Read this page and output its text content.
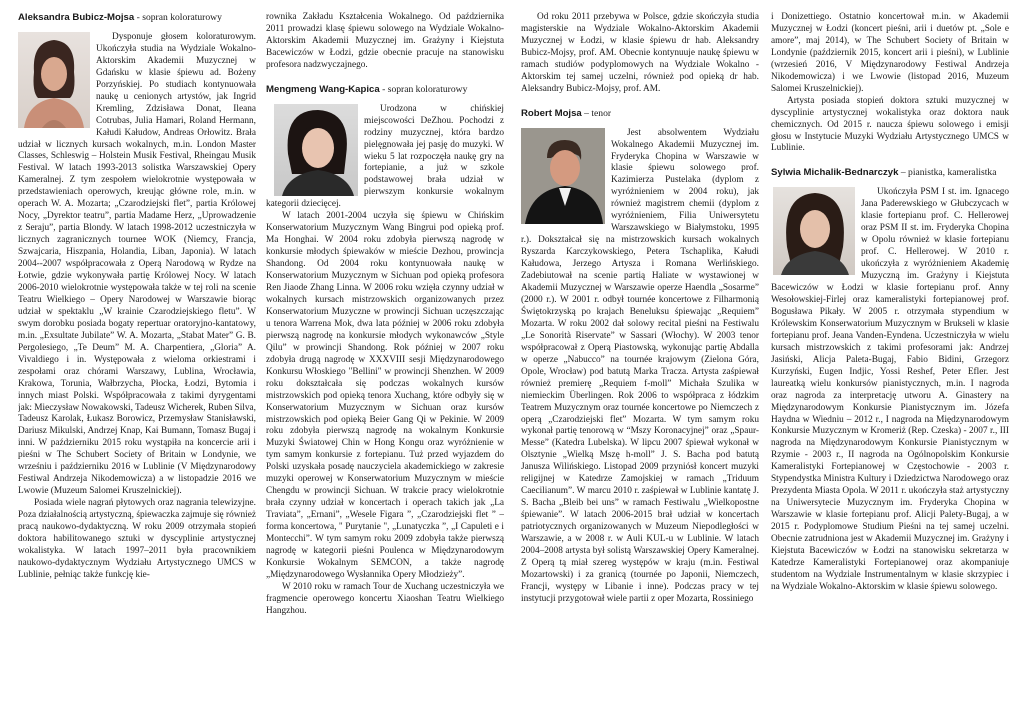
Aleksandra Bubicz-Mojsa - sopran koloraturowy

Dysponuje głosem koloraturowym. Ukończyła studia na Wydziale Wokalno-Aktorskim Akademii Muzycznej w Gdańsku w klasie śpiewu ad. Bożeny Porzyńskiej. Po studiach kontynuowała naukę u cenionych artystów, jak Ingrid Kremling, Zdzisława Donat, Ileana Cotrubas, Julia Hamari, Roland Hermann, Kałudi Kałudow, Andreas Orłowitz. Brała udział w licznych kursach wokalnych, m.in. London Master Classes, Schleswig – Holstein Musik Festival, Rheingau Musik Festival. W latach 1993-2013 solistka Warszawskiej Opery Kameralnej. Z tym zespołem wielokrotnie występowała w przedstawieniach operowych, kreując główne role, m.in. w operach W. A. Mozarta; „Czarodziejski flet”, partia Królowej Nocy, „Dyrektor teatru”, partia Madame Herz, „Uprowadzenie z Seraju”, partia Blondy. W latach 1998-2012 uczestniczyła w licznych zagranicznych tournee WOK (Niemcy, Francja, Szwajcaria, Hiszpania, Holandia, Liban, Japonia). W latach 2004--2007 współpracowała z Operą Narodową w Rydze na Łotwie, gdzie wykonywała partię Królowej Nocy. W latach 2006-2010 wielokrotnie występowała także w tej roli na scenie Teatru Wielkiego – Opery Narodowej w Warszawie biorąc udział w spektaklu „W krainie Czarodziejskiego fletu”. W swym dorobku posiada bogaty repertuar oratoryjno-kantatowy, m.in. „Exsultate Jubilate” W. A. Mozarta, „Stabat Mater” G. B. Pergolesiego, „Te Deum” M. A. Charpentiera, „Gloria” A. Vivaldiego i in. Występowała z wieloma orkiestrami i zespołami oraz chórami Warszawy, Lublina, Wrocławia, Krakowa, Torunia, Wałbrzycha, Płocka, Łodzi, Bytomia i innych miast Polski. Współpracowała z takimi dyrygentami jak: Mieczysław Nowakowski, Tadeusz Wicherek, Ruben Silva, Tadeusz Karolak, Łukasz Borowicz, Przemysław Stanisławski, Dariusz Mikulski, Andrzej Knap, Kai Bumann, Tomasz Bugaj i inni. W październiku 2015 roku wystąpiła na koncercie arii i pieśni w The Schubert Society of Britain w Londynie, we wrześniu i październiku 2016 w Lublinie (V Międzynarodowy Festiwal Andrzeja Nikodemowicza) a w listopadzie 2016 we Lwowie (Muzeum Salomei Kruszelnickiej).

Posiada wiele nagrań płytowych oraz nagrania telewizyjne. Poza działalnością artystyczną, śpiewaczka zajmuje się również pracą naukowo-dydaktyczną. W roku 2009 otrzymała stopień doktora habilitowanego sztuki w dyscyplinie artystycznej wokalistyka. W latach 1997–2011 była pracownikiem naukowo-dydaktycznym Wydziału Artystycznego UMCS w Lublinie, pełniąc także funkcję kie-

rownika Zakładu Kształcenia Wokalnego. Od października 2011 prowadzi klasę śpiewu solowego na Wydziale Wokalno-Aktorskim Akademii Muzycznej im. Grażyny i Kiejstuta Bacewiczów w Łodzi, gdzie obecnie pracuje na stanowisku profesora nadzwyczajnego.

Mengmeng Wang-Kapica - sopran koloraturowy

Urodzona w chińskiej miejscowości DeZhou. Pochodzi z rodziny muzycznej, która bardzo pielęgnowała jej pasję do muzyki. W wieku 5 lat rozpoczęła naukę gry na fortepianie, a już w szkole podstawowej brała udział w pierwszym konkursie wokalnym kategorii dziecięcej.

W latach 2001-2004 uczyła się śpiewu w Chińskim Konserwatorium Muzycznym Wang Bingrui pod opieką prof. Ma Honghai. W 2004 roku zdobyła pierwszą nagrodę w konkursie młodych śpiewaków w mieście Dezhou, prowincja Shandong. Od 2004 roku kontynuowała naukę w Konserwatorium Muzycznym w Sichuan pod opieką profesora Ren Jiaode Zhang Linna. W 2006 roku wzięła czynny udział w wokalnych kursach mistrzowskich organizowanych przez Konserwatorium Muzyczne w prowincji Sichuan uczęszczając u tenora Warrena Mok, dwa lata później w 2006 roku zdobyła pierwszą nagrodę na konkursie młodych wykonawców „Style Qilu” w prowincji Shandong. Rok później w 2007 roku zdobyła drugą nagrodę w XXXVIII sesji Międzynarodowego Konkursu Włoskiego "Bellini" w prowincji Shenzhen. W 2009 roku dokształcała się podczas wokalnych kursów mistrzowskich pod opieką tenora Xuchang, które odbyły się w Konserwatorium Muzycznym w Sichuan oraz kursów mistrzowskich pod opieką Beier Gang Qi w Pekinie. W 2009 roku zdobyła pierwszą nagrodę na wokalnym Konkursie Muzyki Światowej Chin w Hong Kongu oraz wyróżnienie w tym samym konkursie z fortepianu. Tuż przed wyjazdem do Polski uzyskała posadę nauczyciela akademickiego w zakresie muzyki operowej w Konserwatorium Muzycznym w mieście Chengdu w prowincji Sichuan. W trakcie pracy wielokrotnie brała czynny udział w koncertach i operach takich jak „La Traviata”, „Ernani”, „Wesele Figara ”, „Czarodziejski flet ” – forma koncertowa, " Purytanie ", „Lunatyczka ”, „I Capuleti e i Montecchi”. W tym samym roku 2009 zdobyła także pierwszą nagrodę w kategorii pieśni Poulenca w Międzynarodowym Konkursie Wokalnym SEMCON, a także nagrodę „Międzynarodowego Wysłannika Opery Młodzieży”.

W 2010 roku w ramach Tour de Xuchang uczestniczyła we fragmencie operowego koncertu Xiaoshan Teatru Wielkiego Hangzhou.

Od roku 2011 przebywa w Polsce, gdzie skończyła studia magisterskie na Wydziale Wokalno-Aktorskim Akademii Muzycznej w Łodzi, w klasie śpiewu dr hab. Aleksandry Bubicz-Mojsy, prof. AM. Obecnie kontynuuje naukę śpiewu w ramach studiów podyplomowych na Wydziale Wokalno - Aktorskim tej samej uczelni, również pod opieką dr hab. Aleksandry Bubicz-Mojsy, prof. AM.

Robert Mojsa – tenor

Jest absolwentem Wydziału Wokalnego Akademii Muzycznej im. Fryderyka Chopina w Warszawie w klasie śpiewu solowego prof. Kazimierza Pustelaka (dyplom z wyróżnieniem w 2004 roku), jak również magistrem chemii (dyplom z wyróżnieniem, Filia Uniwersytetu Warszawskiego w Białymstoku, 1995 r.). Dokształcał się na mistrzowskich kursach wokalnych Ryszarda Karczykowskiego, Petera Tschaplika, Kałudi Kałudowa, Jerzego Artysza i Romana Werlińskiego. Zadebiutował na scenie partią Haliate w wystawionej w Akademii Muzycznej w Warszawie operze Haendla „Sosarme” (2000 r.). W 2001 r. odbył tournée koncertowe z Filharmonią Świętokrzyską po krajach Beneluksu śpiewając „Requiem” Mozarta. W roku 2002 dał solowy recital pieśni na Festiwalu „Le Sonorità Riservate” w Sassari (Włochy). W 2003 tenor współpracował z Operą Piastowską, wykonując partię Abdalla w operze „Nabucco” na tournée krajowym (Zielona Góra, Opole, Wrocław) pod batutą Marka Tracza. Artysta zaśpiewał również premierę „Requiem f-moll” Michała Szulika w niemieckim Überlingen. Rok 2006 to współpraca z łódzkim Teatrem Muzycznym oraz tournée koncertowe po Niemczech z operą „Czarodziejski flet” Mozarta. W tym samym roku wykonał partię tenorową w “Mszy Koronacyjnej” oraz „Spaur-Messe” (Katedra Lubelska). W lipcu 2007 śpiewał wykonał w Olsztynie „Wielką Mszę h-moll” J. S. Bacha pod batutą Janusza Wilińskiego. Listopad 2009 przyniósł koncert muzyki religijnej w Katedrze Zamojskiej w ramach „Triduum Caecilianum”. W marcu 2010 r. zaśpiewał w Lublinie kantatę J. S. Bacha „Bleib bei uns” w ramach Festiwalu „Wielkopostne śpiewanie”. W latach 2006-2015 brał udział w koncertach patriotycznych organizowanych w Muzeum Niepodległości w Warszawie, a w 2008 r. w Auli KUL-u w Lublinie. W latach 2004–2008 artysta był solistą Warszawskiej Opery Kameralnej. Z Operą tą miał szereg występów w kraju (m.in. Festiwal Mozartowski) i za granicą (tournée po Japonii, Niemczech, Francji, występy w Libanie i inne). Podczas pracy w tej instytucji przygotował wiele partii z oper Mozarta, Rossiniego

i Donizettiego. Ostatnio koncertował m.in. w Akademii Muzycznej w Łodzi (koncert pieśni, arii i duetów pt. „Sole e amore”, maj 2014), w The Schubert Society of Britain w Londynie (październik 2015, koncert arii i pieśni), w Lublinie (wrzesień 2016, V Międzynarodowy Festiwal Andrzeja Nikodemowicza) i we Lwowie (listopad 2016, Muzeum Salomei Kruszelnickiej).

Artysta posiada stopień doktora sztuki muzycznej w dyscyplinie artystycznej wokalistyka oraz doktora nauk chemicznych. Od 2015 r. naucza śpiewu solowego i emisji głosu w Instytucie Muzyki Wydziału Artystycznego UMCS w Lublinie.

Sylwia Michalik-Bednarczyk – pianistka, kameralistka

Ukończyła PSM I st. im. Ignacego Jana Paderewskiego w Głubczycach w klasie fortepianu prof. C. Hellerowej oraz PSM II st. im. Fryderyka Chopina w Opolu również w klasie fortepianu prof. C. Hellerowej. W 2010 r. ukończyła z wyróżnieniem Akademię Muzyczną im. Grażyny i Kiejstuta Bacewiczów w Łodzi w klasie fortepianu prof. Anny Wesołowskiej-Firlej oraz kameralistyki fortepianowej prof. Bogusława Pikały. W 2005 r. otrzymała stypendium w Królewskim Konserwatorium Muzycznym w Brukseli w klasie fortepianu prof. Jeana Vanden-Eyndena. Uczestniczyła w wielu kursach mistrzowskich z takimi profesorami jak: Andrzej Jasiński, Alicja Paleta-Bugaj, Fabio Bidini, Grzegorz Kurzyński, Eugen Indjic, Yossi Reshef, Peter Efler. Jest laureatką wielu konkursów pianistycznych, m.in. I nagroda oraz nagroda za interpretację utworu A. Ginastery na Międzynarodowym Konkursie Pianistycznym im. Józefa Haydna w Wiedniu – 2012 r., I nagroda na Międzynarodowym Konkursie Muzycznym w Kromeriż (Rep. Czeska) - 2007 r., III nagroda na Międzynarodowym Konkursie Pianistycznym w Rzymie - 2003 r., II nagroda na Ogólnopolskim Konkursie Kameralistyki Fortepianowej w Częstochowie - 2003 r. Stypendystka Ministra Kultury i Dziedzictwa Narodowego oraz Prezydenta Miasta Opola. W 2011 r. ukończyła staż artystyczny na Uniwersytecie Muzycznym im. Fryderyka Chopina w Warszawie w klasie fortepianu prof. Alicji Palety-Bugaj, a w 2015 r. Podyplomowe Studium Pieśni na tej samej uczelni. Obecnie zatrudniona jest w Akademii Muzycznej im. Grażyny i Kiejstuta Bacewiczów w Łodzi na stanowisku sekretarza w Katedrze Kameralistyki Fortepianowej oraz akompaniuje studentom na Wydziale Instrumentalnym w klasie skrzypiec i na Wydziale Wokalno-Aktorskim w klasie śpiewu solowego.
